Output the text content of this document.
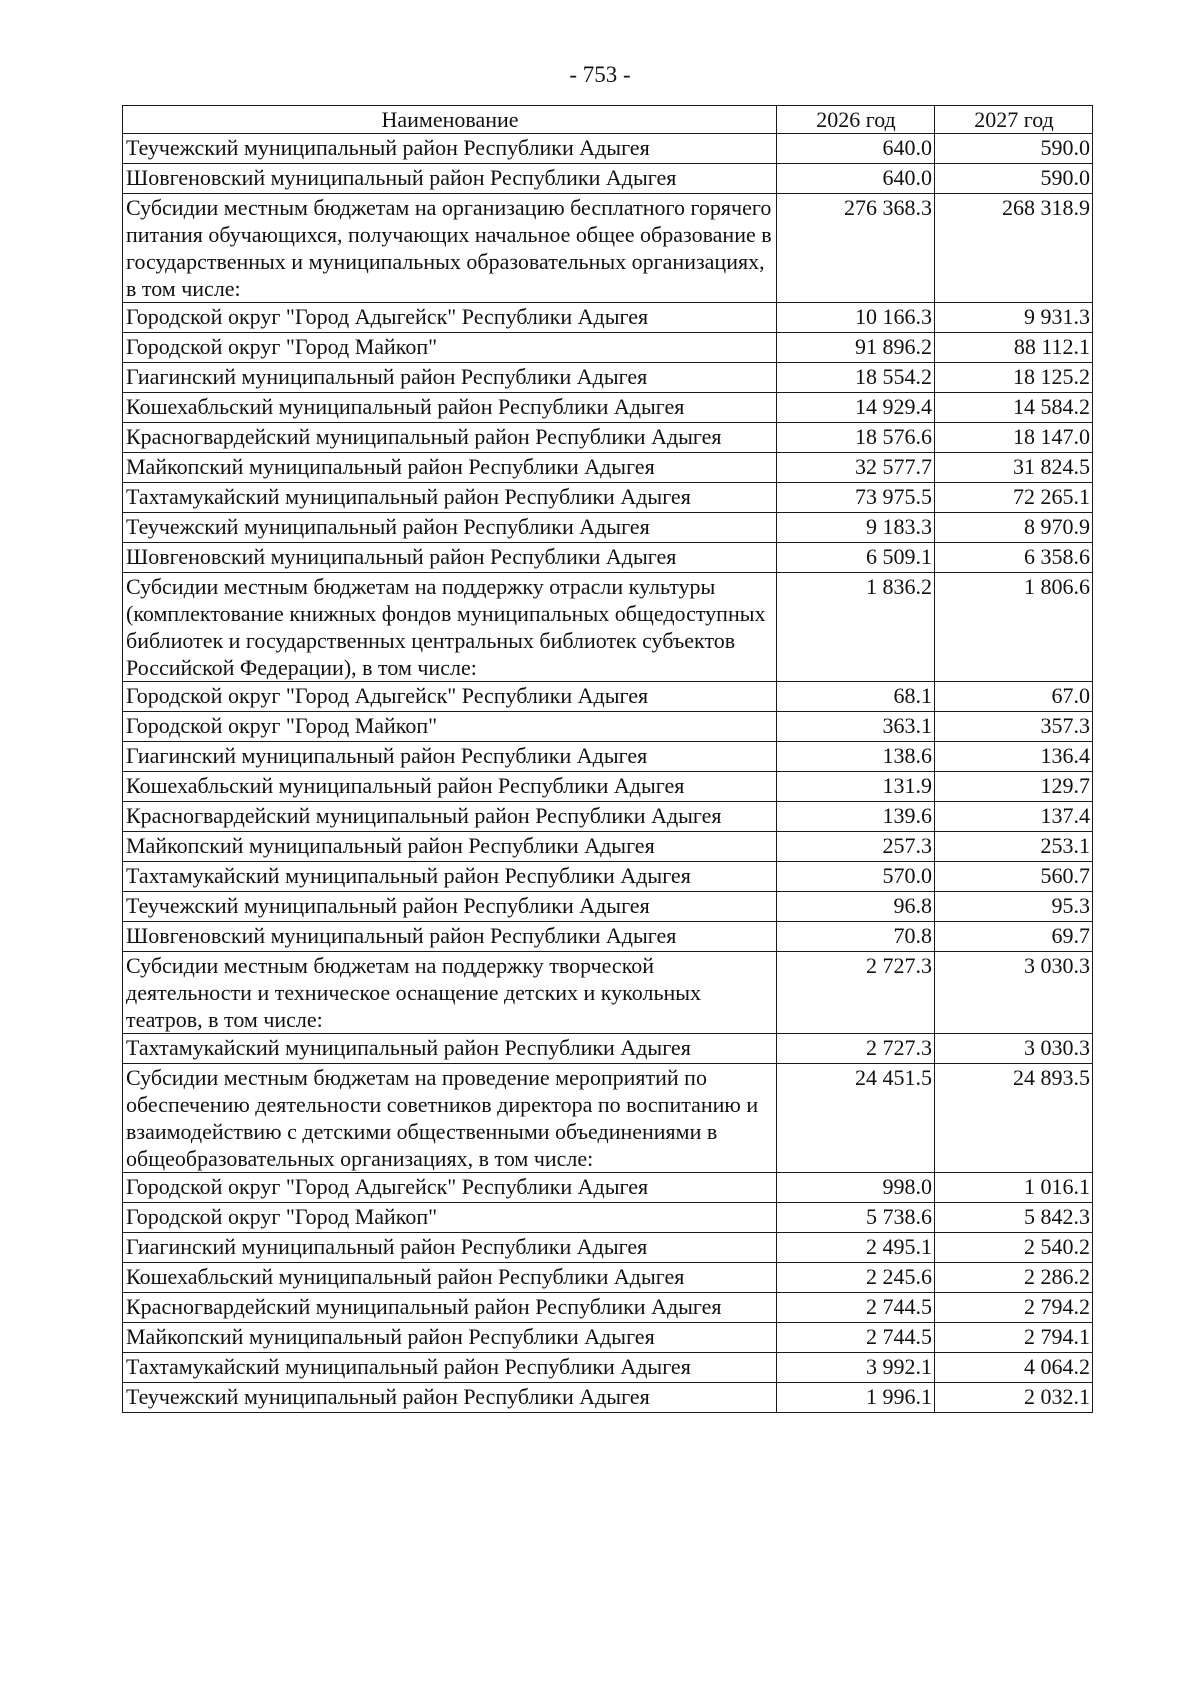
- 753 -
Наименование	2026 год	2027 год
Теучежский муниципальный район Республики Адыгея	640.0	590.0
Шовгеновский муниципальный район Республики Адыгея	640.0	590.0
Субсидии местным бюджетам на организацию бесплатного горячего питания обучающихся, получающих начальное общее образование в государственных и муниципальных образовательных организациях, в том числе:	276 368.3	268 318.9
Городской округ "Город Адыгейск" Республики Адыгея	10 166.3	9 931.3
Городской округ "Город Майкоп"	91 896.2	88 112.1
Гиагинский муниципальный район Республики Адыгея	18 554.2	18 125.2
Кошехабльский муниципальный район Республики Адыгея	14 929.4	14 584.2
Красногвардейский муниципальный район Республики Адыгея	18 576.6	18 147.0
Майкопский муниципальный район Республики Адыгея	32 577.7	31 824.5
Тахтамукайский муниципальный район Республики Адыгея	73 975.5	72 265.1
Теучежский муниципальный район Республики Адыгея	9 183.3	8 970.9
Шовгеновский муниципальный район Республики Адыгея	6 509.1	6 358.6
Субсидии местным бюджетам на поддержку отрасли культуры (комплектование книжных фондов муниципальных общедоступных библиотек и государственных центральных библиотек субъектов Российской Федерации), в том числе:	1 836.2	1 806.6
Городской округ "Город Адыгейск" Республики Адыгея	68.1	67.0
Городской округ "Город Майкоп"	363.1	357.3
Гиагинский муниципальный район Республики Адыгея	138.6	136.4
Кошехабльский муниципальный район Республики Адыгея	131.9	129.7
Красногвардейский муниципальный район Республики Адыгея	139.6	137.4
Майкопский муниципальный район Республики Адыгея	257.3	253.1
Тахтамукайский муниципальный район Республики Адыгея	570.0	560.7
Теучежский муниципальный район Республики Адыгея	96.8	95.3
Шовгеновский муниципальный район Республики Адыгея	70.8	69.7
Субсидии местным бюджетам на поддержку творческой деятельности и техническое оснащение детских и кукольных театров, в том числе:	2 727.3	3 030.3
Тахтамукайский муниципальный район Республики Адыгея	2 727.3	3 030.3
Субсидии местным бюджетам на проведение мероприятий по обеспечению деятельности советников директора по воспитанию и взаимодействию с детскими общественными объединениями в общеобразовательных организациях, в том числе:	24 451.5	24 893.5
Городской округ "Город Адыгейск" Республики Адыгея	998.0	1 016.1
Городской округ "Город Майкоп"	5 738.6	5 842.3
Гиагинский муниципальный район Республики Адыгея	2 495.1	2 540.2
Кошехабльский муниципальный район Республики Адыгея	2 245.6	2 286.2
Красногвардейский муниципальный район Республики Адыгея	2 744.5	2 794.2
Майкопский муниципальный район Республики Адыгея	2 744.5	2 794.1
Тахтамукайский муниципальный район Республики Адыгея	3 992.1	4 064.2
Теучежский муниципальный район Республики Адыгея	1 996.1	2 032.1
